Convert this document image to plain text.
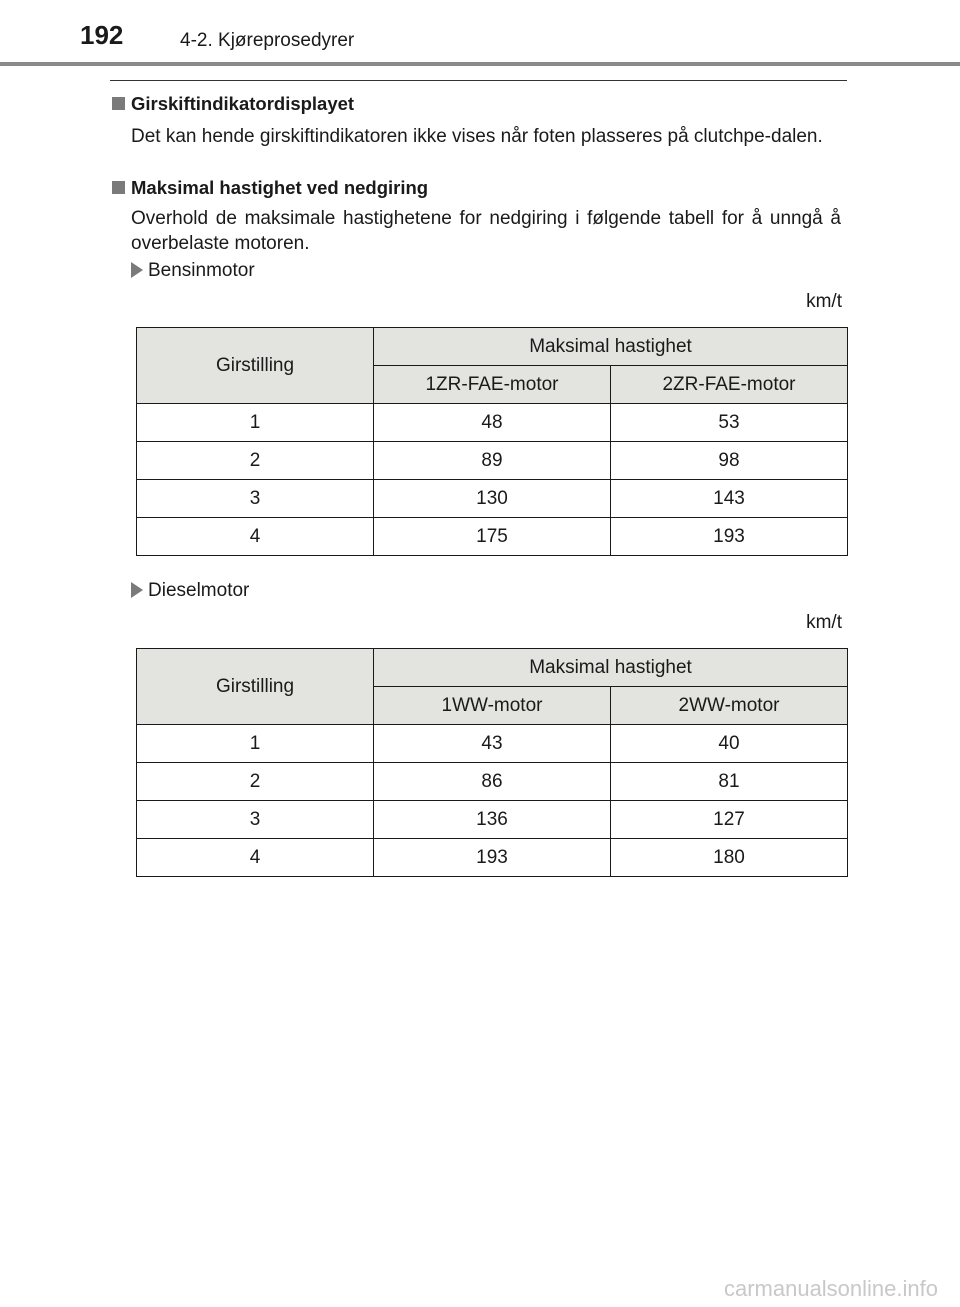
192	4-2. Kjøreprosedyrer
Girskiftindikatordisplayet
Det kan hende girskiftindikatoren ikke vises når foten plasseres på clutchpe-dalen.
Maksimal hastighet ved nedgiring
Overhold de maksimale hastighetene for nedgiring i følgende tabell for å unngå å overbelaste motoren.
Bensinmotor
km/t
Girstilling	Maksimal hastighet	
	1ZR-FAE-motor	2ZR-FAE-motor
1	48	53
2	89	98
3	130	143
4	175	193
Dieselmotor
km/t
Girstilling	Maksimal hastighet	
	1WW-motor	2WW-motor
1	43	40
2	86	81
3	136	127
4	193	180
carmanualsonline.info
